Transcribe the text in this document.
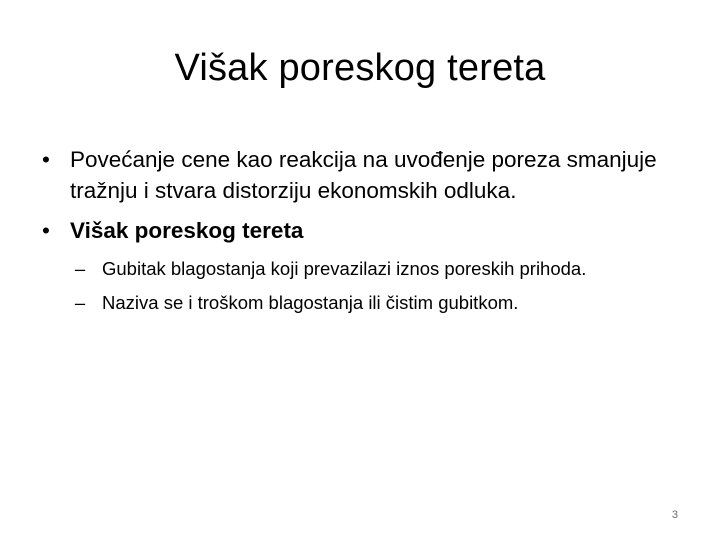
Višak poreskog tereta
• Povećanje cene kao reakcija na uvođenje poreza smanjuje tražnju i stvara distorziju ekonomskih odluka.
• Višak poreskog tereta
– Gubitak blagostanja koji prevazilazi iznos poreskih prihoda.
– Naziva se i troškom blagostanja ili čistim gubitkom.
3
